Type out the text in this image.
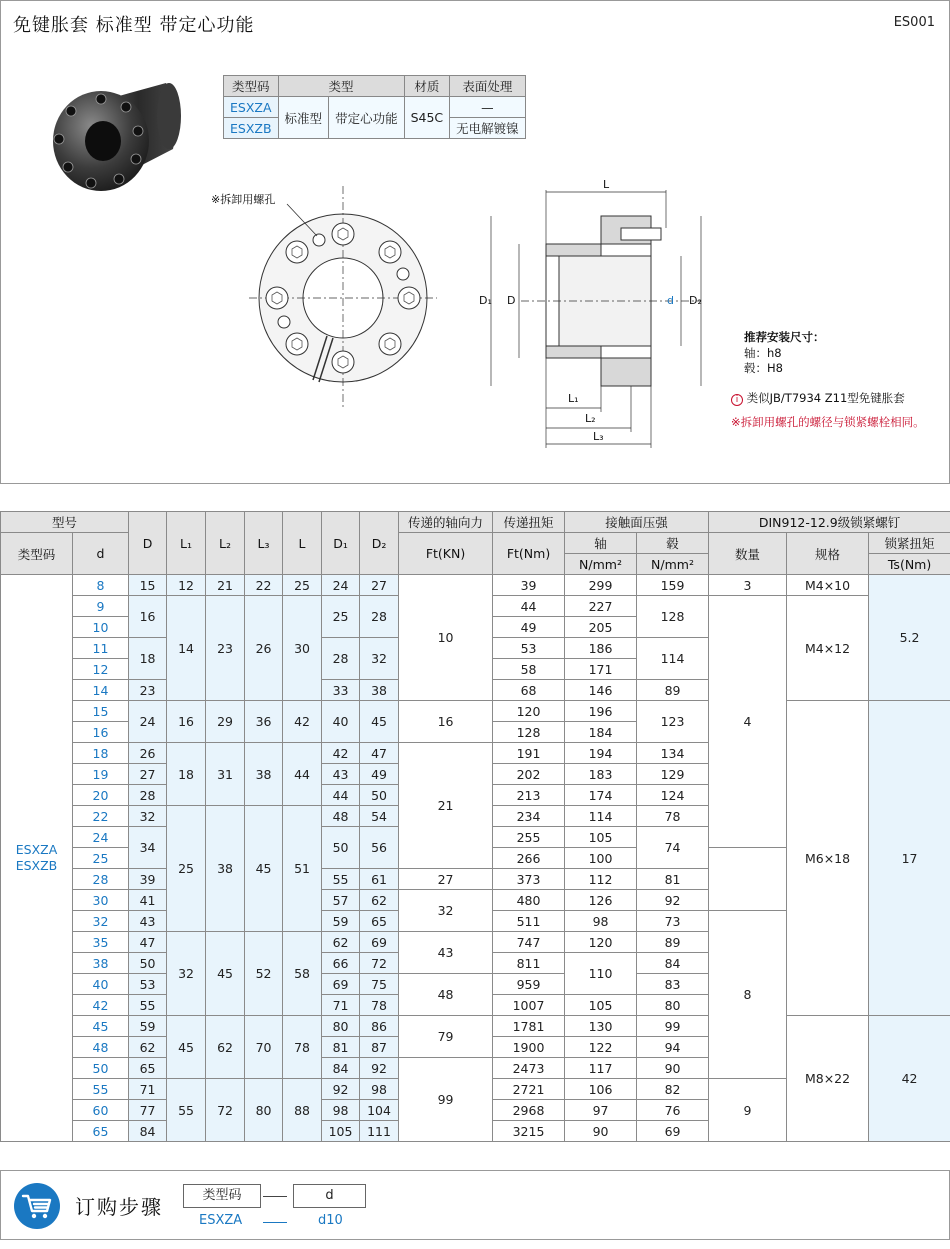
免键胀套 标准型 带定心功能	ES001
类型码	类型		材质	表面处理
ESXZA	标准型	带定心功能	S45C	—
ESXZB				无电解镀镍
※拆卸用螺孔
L
D₁ D	d D₂
L₁
L₂
L₃
推荐安装尺寸：
轴：h8
毂：H8
i 类似JB/T7934 Z11型免键胀套
※拆卸用螺孔的螺径与锁紧螺栓相同。
型号		D	L₁	L₂	L₃	L	D₁	D₂	传递的轴向力	传递扭矩	接触面压强		DIN912-12.9级锁紧螺钉			
类型码	d								Ft(KN)	Ft(Nm)	轴	毂	数量	规格	锁紧扭矩	
											N/mm²	N/mm²			Ts(Nm)	
ESXZA
ESXZB	8	15	12	21	22	25	24	27	10	39	299	159	3	M4×10	5.2	
	9	16	14	23	26	30	25	28		44	227	128	4	M4×12		
	10									49	205					
	11	18					28	32		53	186	114				
	12									58	171					
	14	23					33	38		68	146	89				
	15	24	16	29	36	42	40	45	16	120	196	123		M6×18	17	
	16									128	184					
	18	26	18	31	38	44	42	47	21	191	194	134				
	19	27					43	49		202	183	129				
	20	28					44	50		213	174	124				
	22	32	25	38	45	51	48	54		234	114	78				
	24	34					50	56		255	105	74	
	25									266	100					
	28	39					55	61	27	373	112	81				
	30	41					57	62	32	480	126	92				
	32	43					59	65		511	98	73	8			
	35	47	32	45	52	58	62	69	43	747	120	89				
	38	50					66	72		811	110	84				
	40	53					69	75	48	959		83				
	42	55					71	78		1007	105	80				
	45	59	45	62	70	78	80	86	79	1781	130	99		M8×22	42	
	48	62					81	87		1900	122	94				
	50	65					84	92	99	2473	117	90				
	55	71	55	72	80	88	92	98		2721	106	82	9			
	60	77					98	104		2968	97	76				
	65	84					105	111		3215	90	69				
订购步骤	类型码	d
ESXZA	d10
